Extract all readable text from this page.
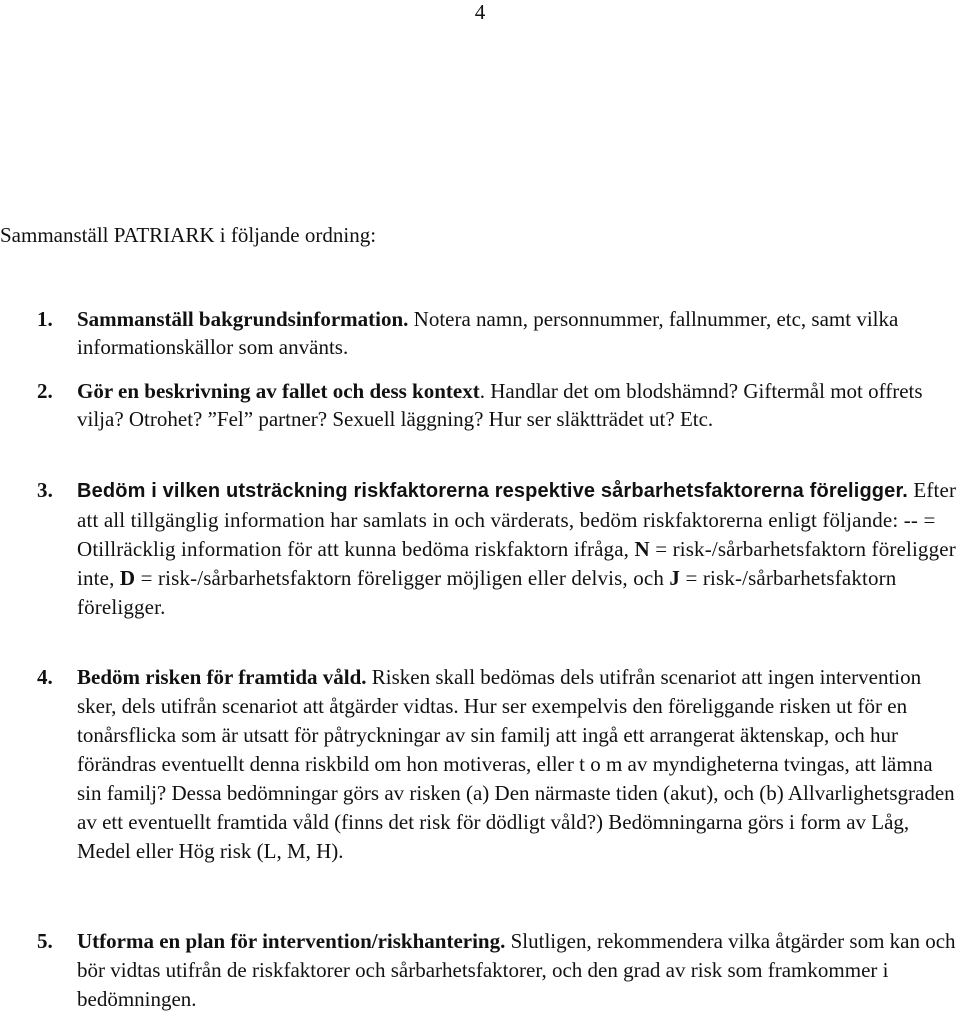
4
Sammanställ PATRIARK i följande ordning:
1. Sammanställ bakgrundsinformation. Notera namn, personnummer, fallnummer, etc, samt vilka informationskällor som använts.
2. Gör en beskrivning av fallet och dess kontext. Handlar det om blodshämnd? Giftermål mot offrets vilja? Otrohet? ”Fel” partner? Sexuell läggning? Hur ser släktträdet ut? Etc.
3. Bedöm i vilken utsträckning riskfaktorerna respektive sårbarhetsfaktorerna föreligger. Efter att all tillgänglig information har samlats in och värderats, bedöm riskfaktorerna enligt följande: -- = Otillräcklig information för att kunna bedöma riskfaktorn ifråga, N = risk-/sårbarhetsfaktorn föreligger inte, D = risk-/sårbarhetsfaktorn föreligger möjligen eller delvis, och J = risk-/sårbarhetsfaktorn föreligger.
4. Bedöm risken för framtida våld. Risken skall bedömas dels utifrån scenariot att ingen intervention sker, dels utifrån scenariot att åtgärder vidtas. Hur ser exempelvis den föreliggande risken ut för en tonårsflicka som är utsatt för påtryckningar av sin familj att ingå ett arrangerat äktenskap, och hur förändras eventuellt denna riskbild om hon motiveras, eller t o m av myndigheterna tvingas, att lämna sin familj? Dessa bedömningar görs av risken (a) Den närmaste tiden (akut), och (b) Allvarlighetsgraden av ett eventuellt framtida våld (finns det risk för dödligt våld?) Bedömningarna görs i form av Låg, Medel eller Hög risk (L, M, H).
5. Utforma en plan för intervention/riskhantering. Slutligen, rekommendera vilka åtgärder som kan och bör vidtas utifrån de riskfaktorer och sårbarhetsfaktorer, och den grad av risk som framkommer i bedömningen.
